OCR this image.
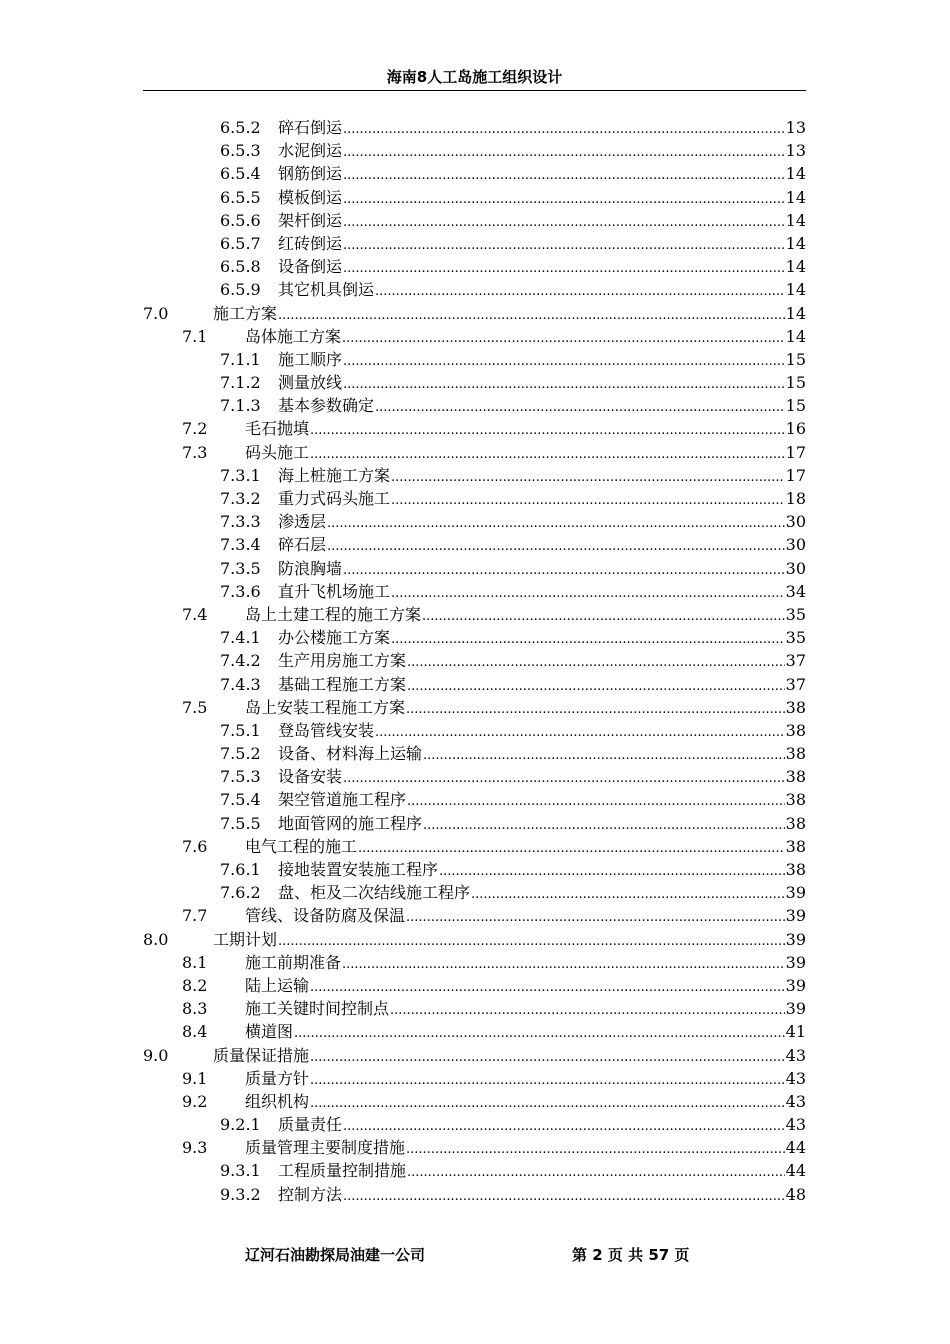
海南8人工岛施工组织设计
6.5.2 碎石倒运 .....	13
6.5.3 水泥倒运 .....	13
6.5.4 钢筋倒运 .....	14
6.5.5 模板倒运 .....	14
6.5.6 架杆倒运 .....	14
6.5.7 红砖倒运 .....	14
6.5.8 设备倒运 .....	14
6.5.9 其它机具倒运 .....	14
7.0	施工方案 .....	14
7.1 岛体施工方案 .....	14
7.1.1 施工顺序 .....	15
7.1.2 测量放线 .....	15
7.1.3 基本参数确定 .....	15
7.2 毛石抛填 .....	16
7.3 码头施工 .....	17
7.3.1 海上桩施工方案 .....	17
7.3.2 重力式码头施工 .....	18
7.3.3 渗透层 .....	30
7.3.4 碎石层 .....	30
7.3.5 防浪胸墙 .....	30
7.3.6 直升飞机场施工 .....	34
7.4 岛上土建工程的施工方案 .....	35
7.4.1 办公楼施工方案 .....	35
7.4.2 生产用房施工方案 .....	37
7.4.3 基础工程施工方案 .....	37
7.5 岛上安装工程施工方案 .....	38
7.5.1 登岛管线安装 .....	38
7.5.2 设备、材料海上运输 .....	38
7.5.3 设备安装 .....	38
7.5.4 架空管道施工程序 .....	38
7.5.5 地面管网的施工程序 .....	38
7.6 电气工程的施工 .....	38
7.6.1 接地装置安装施工程序 .....	38
7.6.2 盘、柜及二次结线施工程序 .....	39
7.7 管线、设备防腐及保温 .....	39
8.0	工期计划 .....	39
8.1 施工前期准备 .....	39
8.2 陆上运输 .....	39
8.3 施工关键时间控制点 .....	39
8.4 横道图 .....	41
9.0	质量保证措施 .....	43
9.1 质量方针 .....	43
9.2 组织机构 .....	43
9.2.1 质量责任 .....	43
9.3 质量管理主要制度措施 .....	44
9.3.1 工程质量控制措施 .....	44
9.3.2 控制方法 .....	48
辽河石油勘探局油建一公司	第 2 页 共 57 页
